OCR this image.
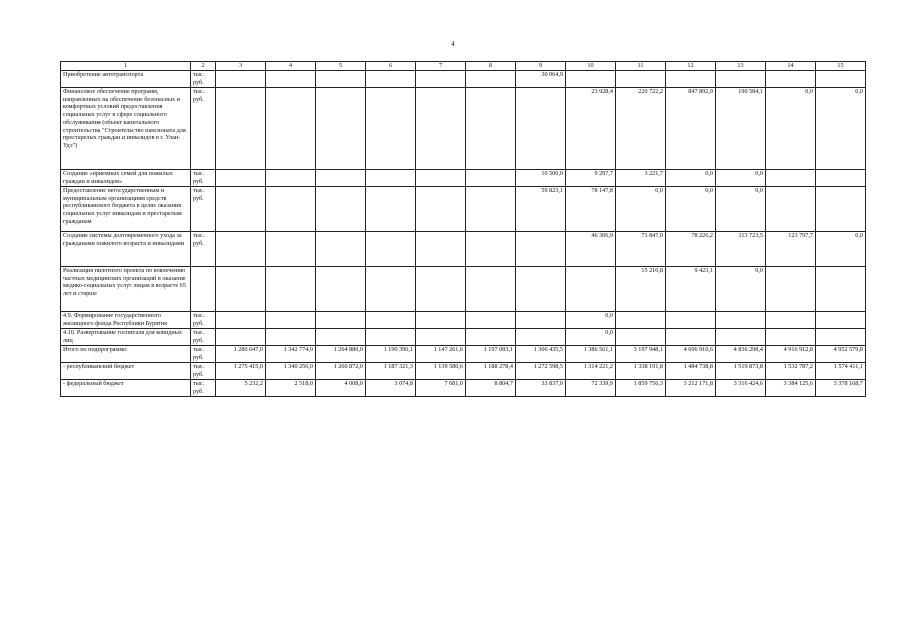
4
1	2	3	4	5	6	7	8	9	10	11	12	13	14	15
Приобретение автотранспорта	тыс. руб.							30 064,9						
Финансовое обеспечение программ, направленных на обеспечение безопасных и комфортных условий предоставления социальных услуг в сфере социального обслуживания (объект капитального строительства "Строительство пансионата для престарелых граждан и инвалидов в г. Улан-Удэ")	тыс. руб.								23 928,4	220 722,2	847 892,9	190 584,1	0,0	0,0
Создание «приемных семей для пожилых граждан и инвалидов»	тыс. руб.							10 500,0	9 297,7	3 221,7	0,0	0,0		
Предоставление негосударственным и муниципальным организациям средств республиканского бюджета в целях оказания социальных услуг инвалидам и престарелым гражданам	тыс. руб.							59 823,1	78 147,8	0,0	0,0	0,0		
Создание системы долговременного ухода за гражданами пожилого возраста и инвалидами	тыс. руб.								46 306,9	71 847,0	78 226,2	113 723,5	123 797,7	0,0
Реализация пилотного проекта по вовлечению частных медицинских организаций в оказание медико-социальных услуг лицам в возрасте 65 лет и старше										15 210,8	9 423,1	0,0		
4.9. Формирование государственного жилищного фонда Республики Бурятия	тыс. руб.								0,0					
4.10. Развертывание госпиталя для ковидных лиц	тыс. руб.								0,0					
Итого по подпрограмме:	тыс. руб.	1 280 647,0	1 342 774,0	1 264 880,0	1 190 396,1	1 147 261,6	1 197 083,1	1 306 435,5	1 386 561,1	3 197 948,1	4 696 910,6	4 836 298,4	4 916 912,8	4 952 579,8
- республиканский бюджет	тыс. руб.	1 275 415,0	1 340 256,0	1 260 872,0	1 187 321,3	1 139 580,6	1 188 278,4	1 272 598,5	1 314 221,2	1 338 191,8	1 484 738,8	1 519 873,8	1 532 787,2	1 574 411,1
- федеральный бюджет	тыс. руб.	5 232,2	2 518,0	4 008,0	3 074,8	7 681,0	8 804,7	33 837,0	72 339,9	1 859 756,3	3 212 171,8	3 316 424,6	3 384 125,6	3 378 168,7
